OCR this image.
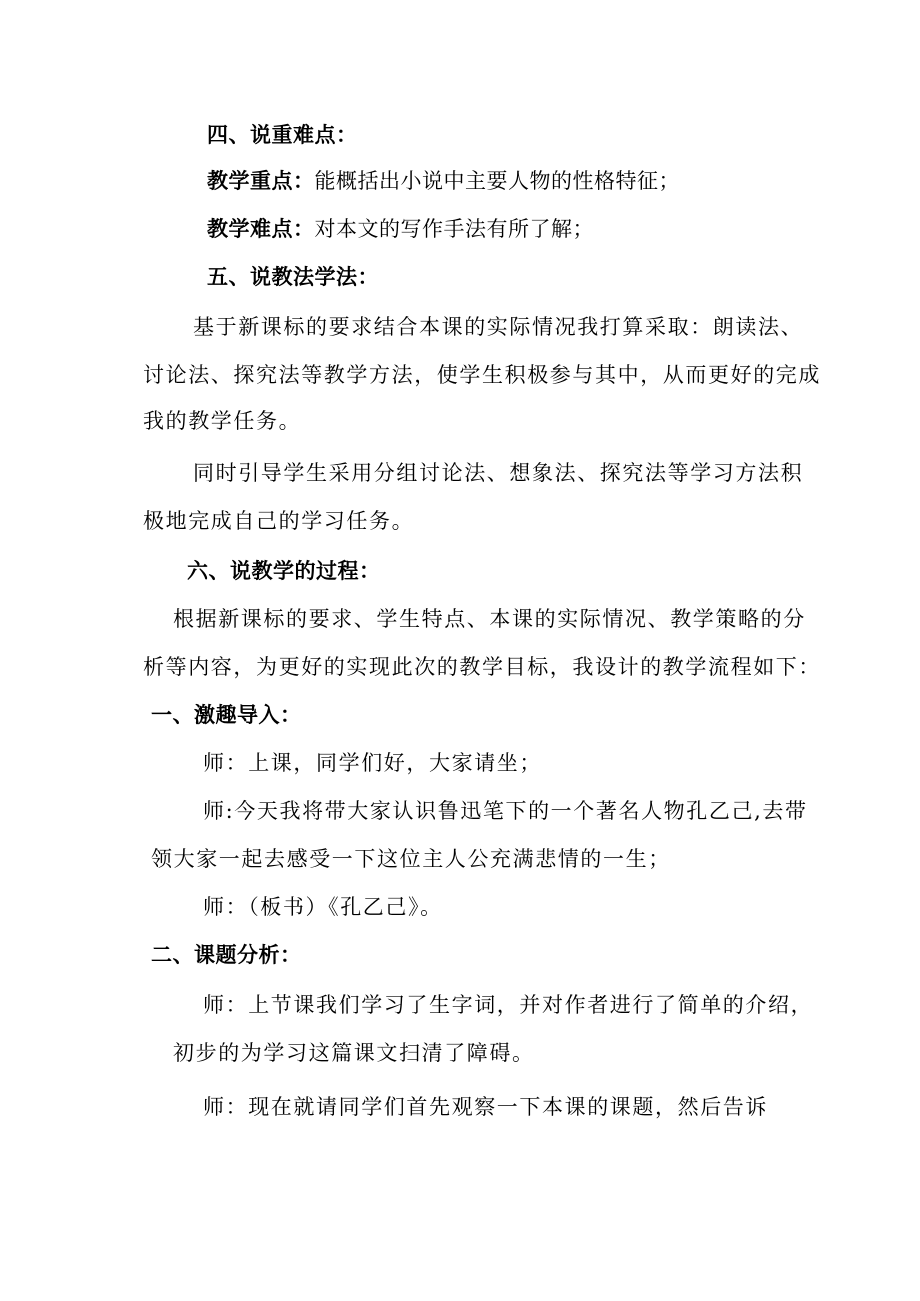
四、说重难点：

教学重点：能概括出小说中主要人物的性格特征；

教学难点：对本文的写作手法有所了解；

五、说教法学法：

基于新课标的要求结合本课的实际情况我打算采取：朗读法、

讨论法、探究法等教学方法，使学生积极参与其中，从而更好的完成

我的教学任务。

同时引导学生采用分组讨论法、想象法、探究法等学习方法积

极地完成自己的学习任务。

六、说教学的过程：

根据新课标的要求、学生特点、本课的实际情况、教学策略的分

析等内容，为更好的实现此次的教学目标，我设计的教学流程如下：

一、激趣导入：

师：上课，同学们好，大家请坐；

师:今天我将带大家认识鲁迅笔下的一个著名人物孔乙己,去带

领大家一起去感受一下这位主人公充满悲情的一生；

师：（板书）《孔乙己》。

二、课题分析：

师：上节课我们学习了生字词，并对作者进行了简单的介绍，

初步的为学习这篇课文扫清了障碍。

师：现在就请同学们首先观察一下本课的课题，然后告诉
